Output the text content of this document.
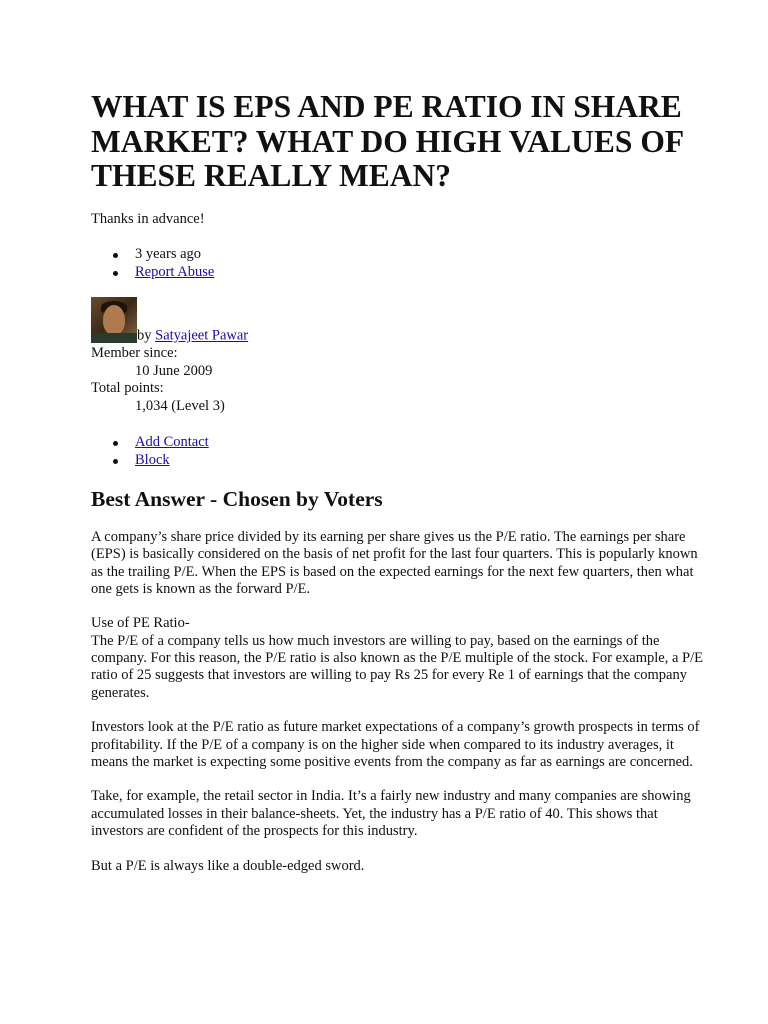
WHAT IS EPS AND PE RATIO IN SHARE MARKET? WHAT DO HIGH VALUES OF THESE REALLY MEAN?
Thanks in advance!
3 years ago
Report Abuse
by Satyajeet Pawar
Member since:
10 June 2009
Total points:
1,034 (Level 3)
Add Contact
Block
Best Answer - Chosen by Voters

A company’s share price divided by its earning per share gives us the P/E ratio. The earnings per share (EPS) is basically considered on the basis of net profit for the last four quarters. This is popularly known as the trailing P/E. When the EPS is based on the expected earnings for the next few quarters, then what one gets is known as the forward P/E.

Use of PE Ratio-
The P/E of a company tells us how much investors are willing to pay, based on the earnings of the company. For this reason, the P/E ratio is also known as the P/E multiple of the stock. For example, a P/E ratio of 25 suggests that investors are willing to pay Rs 25 for every Re 1 of earnings that the company generates.

Investors look at the P/E ratio as future market expectations of a company’s growth prospects in terms of profitability. If the P/E of a company is on the higher side when compared to its industry averages, it means the market is expecting some positive events from the company as far as earnings are concerned.

Take, for example, the retail sector in India. It’s a fairly new industry and many companies are showing accumulated losses in their balance-sheets. Yet, the industry has a P/E ratio of 40. This shows that investors are confident of the prospects for this industry.

But a P/E is always like a double-edged sword.
